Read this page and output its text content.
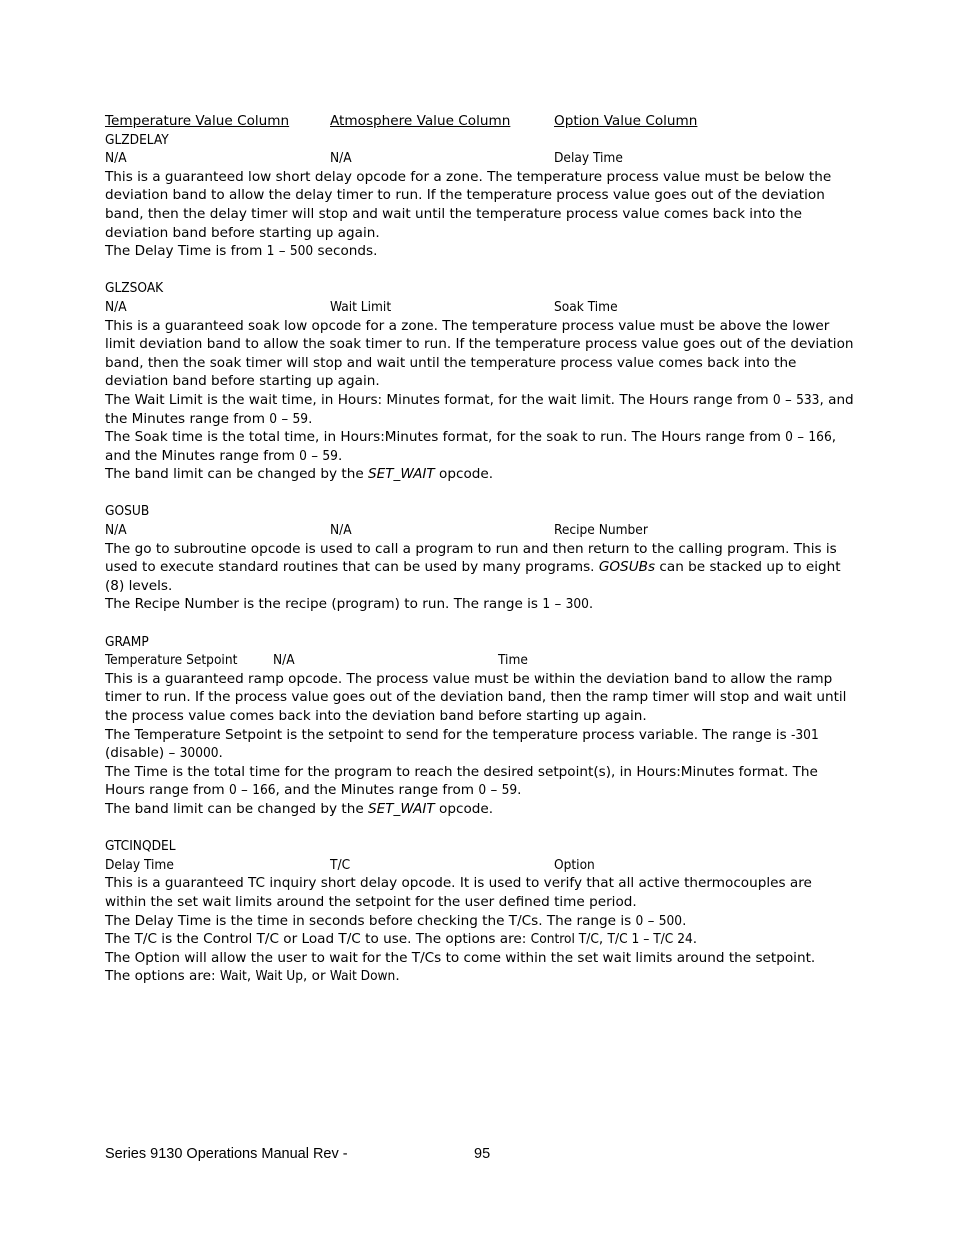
Temperature Value Column	Atmosphere Value Column	Option Value Column
GLZDELAY
N/A	N/A	Delay Time

This is a guaranteed low short delay opcode for a zone. The temperature process value must be below the deviation band to allow the delay timer to run. If the temperature process value goes out of the deviation band, then the delay timer will stop and wait until the temperature process value comes back into the deviation band before starting up again.

The Delay Time is from 1 – 500 seconds.

GLZSOAK
N/A	Wait Limit	Soak Time

This is a guaranteed soak low opcode for a zone. The temperature process value must be above the lower limit deviation band to allow the soak timer to run. If the temperature process value goes out of the deviation band, then the soak timer will stop and wait until the temperature process value comes back into the deviation band before starting up again.

The Wait Limit is the wait time, in Hours: Minutes format, for the wait limit. The Hours range from 0 – 533, and the Minutes range from 0 – 59.

The Soak time is the total time, in Hours:Minutes format, for the soak to run. The Hours range from 0 – 166, and the Minutes range from 0 – 59.

The band limit can be changed by the SET_WAIT opcode.

GOSUB
N/A	N/A	Recipe Number

The go to subroutine opcode is used to call a program to run and then return to the calling program. This is used to execute standard routines that can be used by many programs. GOSUBs can be stacked up to eight (8) levels.

The Recipe Number is the recipe (program) to run. The range is 1 – 300.

GRAMP
Temperature Setpoint	N/A	Time

This is a guaranteed ramp opcode. The process value must be within the deviation band to allow the ramp timer to run. If the process value goes out of the deviation band, then the ramp timer will stop and wait until the process value comes back into the deviation band before starting up again.

The Temperature Setpoint is the setpoint to send for the temperature process variable. The range is -301 (disable) – 30000.

The Time is the total time for the program to reach the desired setpoint(s), in Hours:Minutes format. The Hours range from 0 – 166, and the Minutes range from 0 – 59.

The band limit can be changed by the SET_WAIT opcode.

GTCINQDEL
Delay Time	T/C	Option

This is a guaranteed TC inquiry short delay opcode. It is used to verify that all active thermocouples are within the set wait limits around the setpoint for the user defined time period.

The Delay Time is the time in seconds before checking the T/Cs. The range is 0 – 500.

The T/C is the Control T/C or Load T/C to use. The options are: Control T/C, T/C 1 – T/C 24.

The Option will allow the user to wait for the T/Cs to come within the set wait limits around the setpoint.

The options are: Wait, Wait Up, or Wait Down.

Series 9130 Operations Manual Rev -	95
